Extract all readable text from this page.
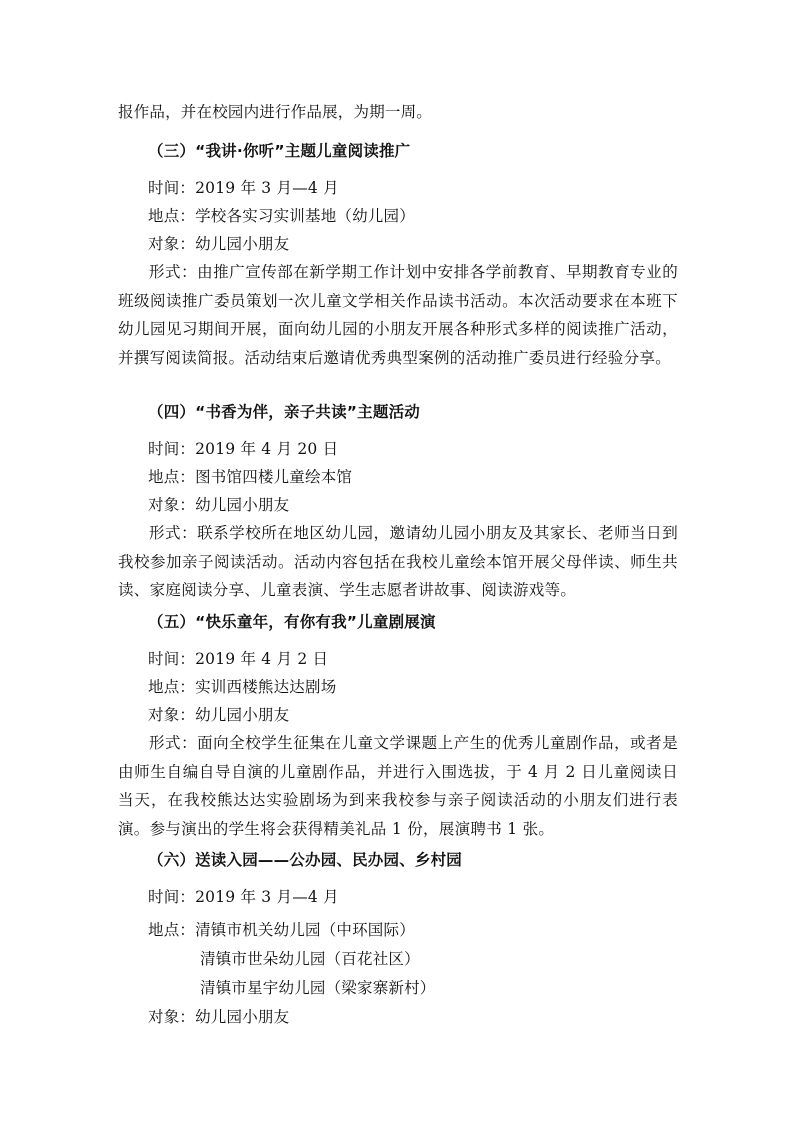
报作品，并在校园内进行作品展，为期一周。
（三）“我讲·你听”主题儿童阅读推广
时间：2019 年 3 月—4 月
地点：学校各实习实训基地（幼儿园）
对象：幼儿园小朋友
形式：由推广宣传部在新学期工作计划中安排各学前教育、早期教育专业的班级阅读推广委员策划一次儿童文学相关作品读书活动。本次活动要求在本班下幼儿园见习期间开展，面向幼儿园的小朋友开展各种形式多样的阅读推广活动，并撰写阅读简报。活动结束后邀请优秀典型案例的活动推广委员进行经验分享。
（四）“书香为伴，亲子共读”主题活动
时间：2019 年 4 月 20 日
地点：图书馆四楼儿童绘本馆
对象：幼儿园小朋友
形式：联系学校所在地区幼儿园，邀请幼儿园小朋友及其家长、老师当日到我校参加亲子阅读活动。活动内容包括在我校儿童绘本馆开展父母伴读、师生共读、家庭阅读分享、儿童表演、学生志愿者讲故事、阅读游戏等。
（五）“快乐童年，有你有我”儿童剧展演
时间：2019 年 4 月 2 日
地点：实训西楼熊达达剧场
对象：幼儿园小朋友
形式：面向全校学生征集在儿童文学课题上产生的优秀儿童剧作品，或者是由师生自编自导自演的儿童剧作品，并进行入围选拔，于 4 月 2 日儿童阅读日当天，在我校熊达达实验剧场为到来我校参与亲子阅读活动的小朋友们进行表演。参与演出的学生将会获得精美礼品 1 份，展演聘书 1 张。
（六）送读入园——公办园、民办园、乡村园
时间：2019 年 3 月—4 月
地点：清镇市机关幼儿园（中环国际）
清镇市世朵幼儿园（百花社区）
清镇市星宇幼儿园（梁家寨新村）
对象：幼儿园小朋友
